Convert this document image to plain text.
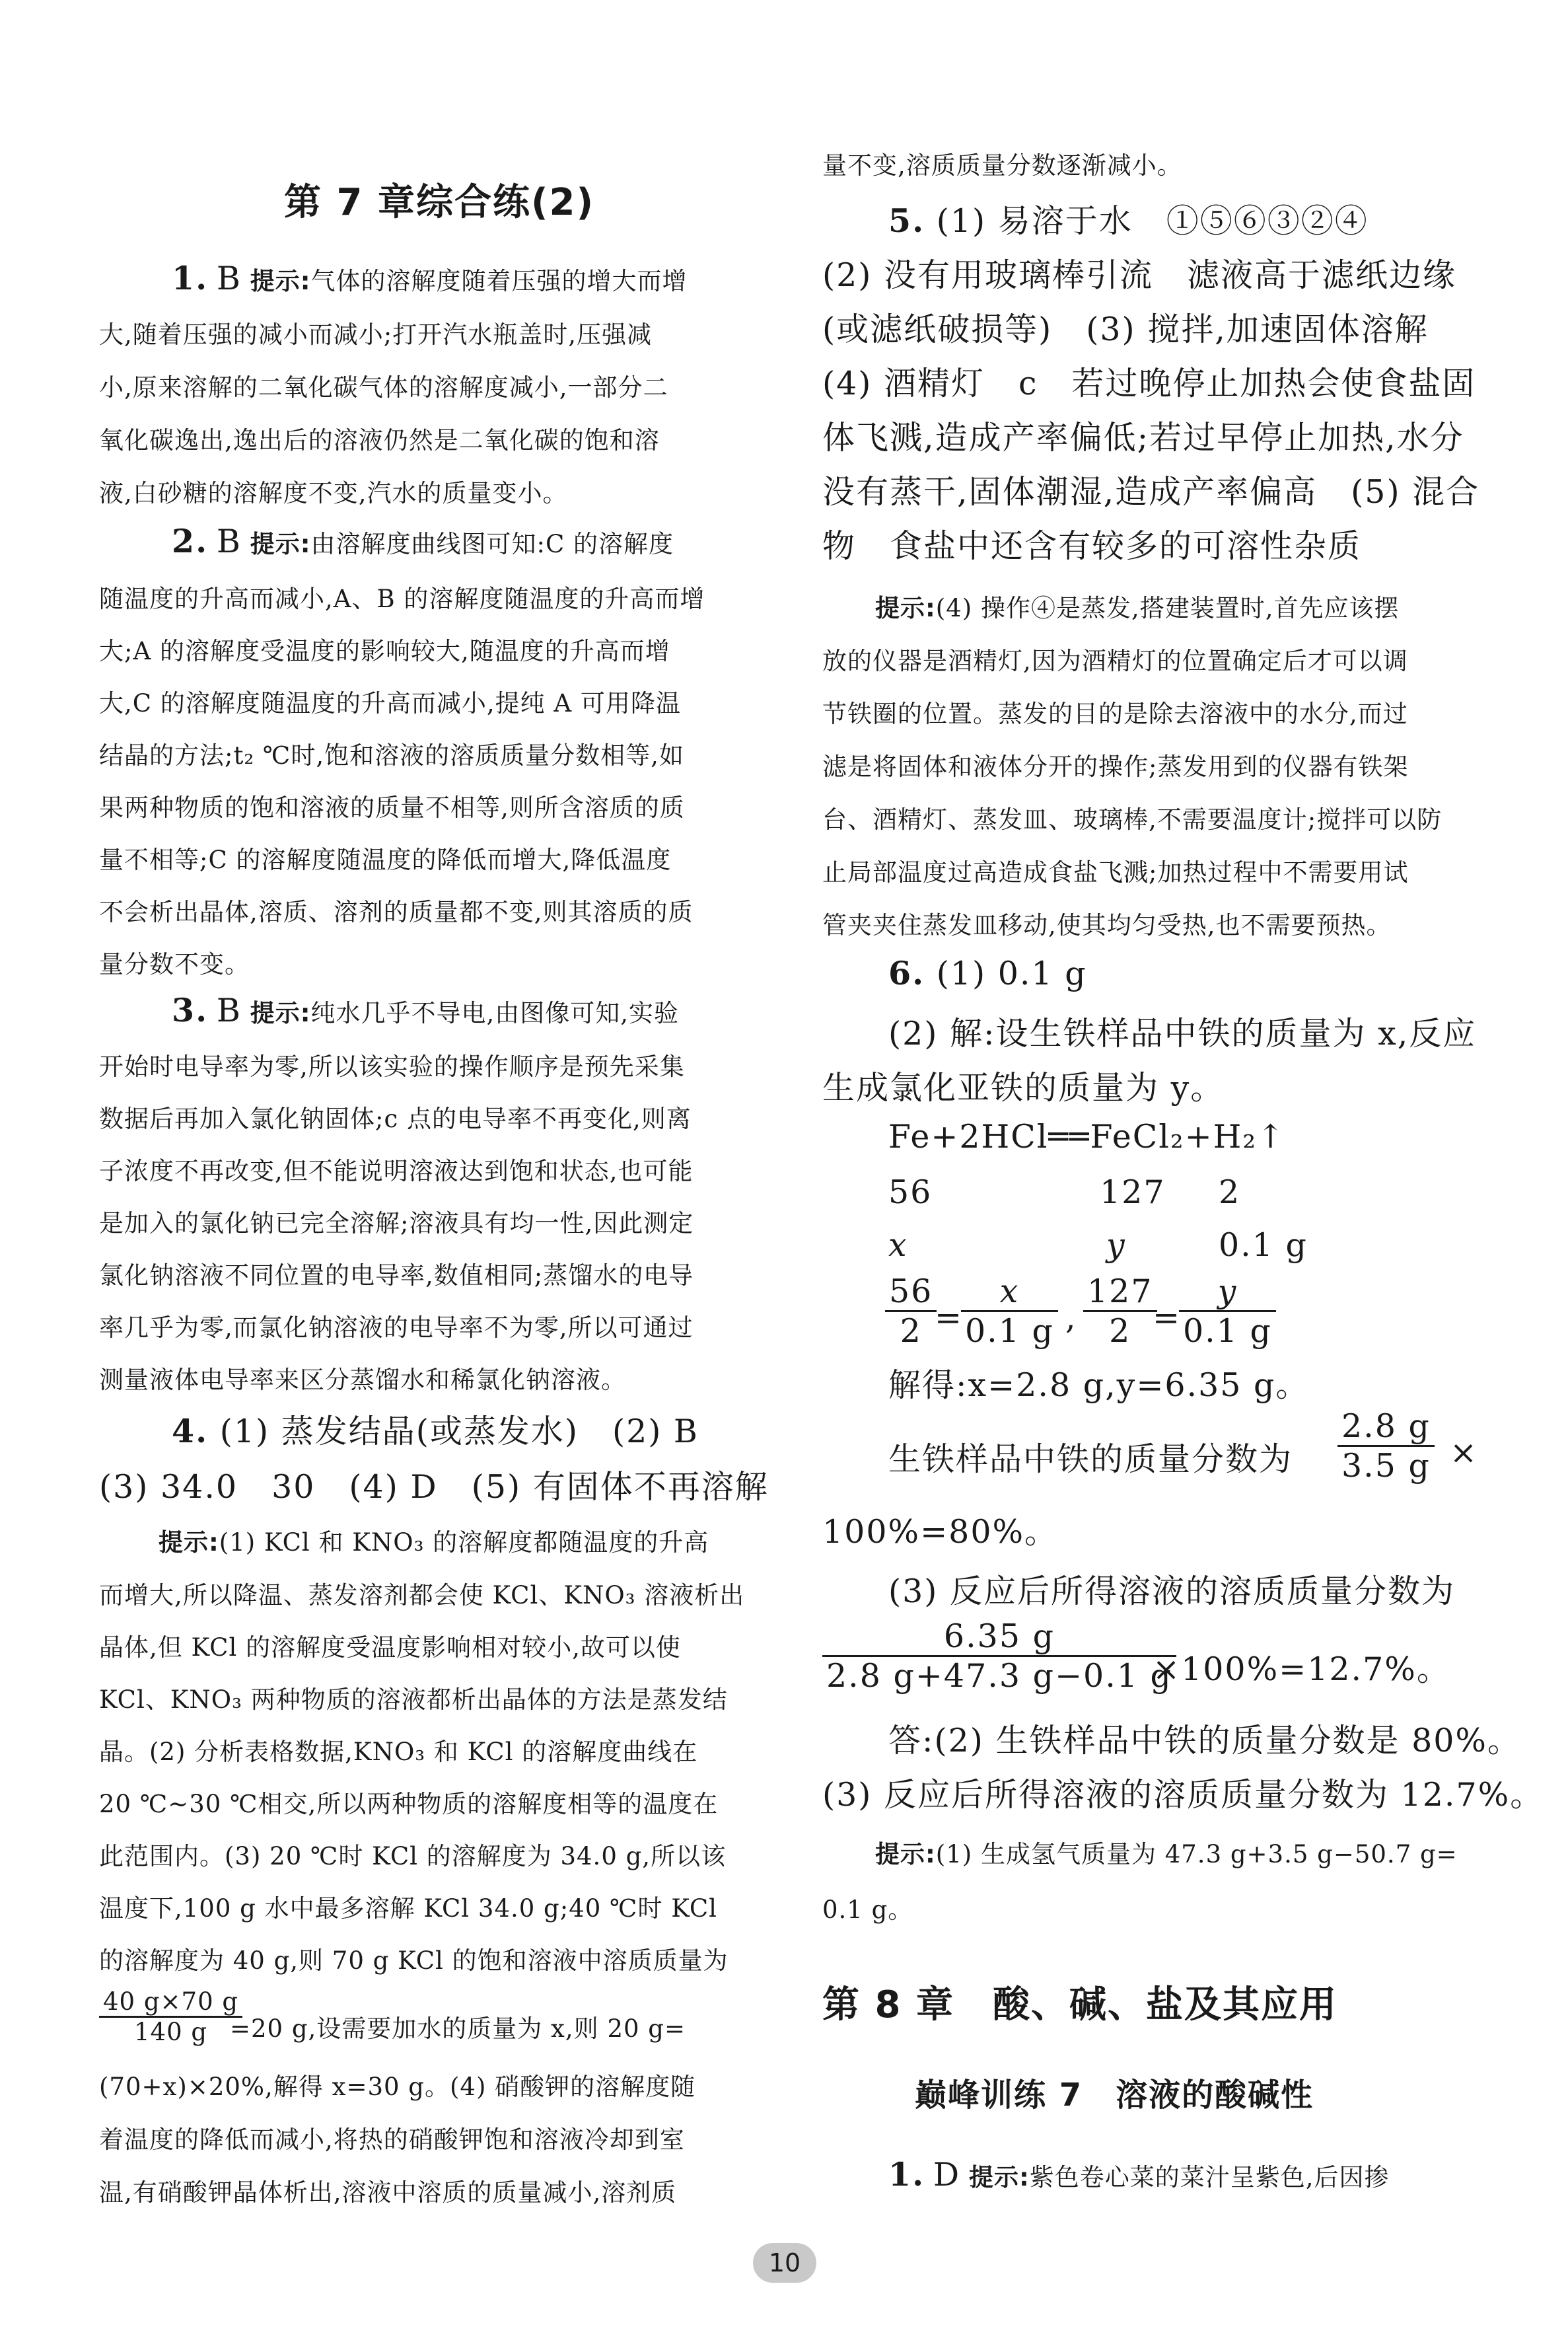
第 7 章综合练(2)
1. B 提示:气体的溶解度随着压强的增大而增
大,随着压强的减小而减小;打开汽水瓶盖时,压强减
小,原来溶解的二氧化碳气体的溶解度减小,一部分二
氧化碳逸出,逸出后的溶液仍然是二氧化碳的饱和溶
液,白砂糖的溶解度不变,汽水的质量变小。
2. B 提示:由溶解度曲线图可知:C 的溶解度
随温度的升高而减小,A、B 的溶解度随温度的升高而增
大;A 的溶解度受温度的影响较大,随温度的升高而增
大,C 的溶解度随温度的升高而减小,提纯 A 可用降温
结晶的方法;t₂ ℃时,饱和溶液的溶质质量分数相等,如
果两种物质的饱和溶液的质量不相等,则所含溶质的质
量不相等;C 的溶解度随温度的降低而增大,降低温度
不会析出晶体,溶质、溶剂的质量都不变,则其溶质的质
量分数不变。
3. B 提示:纯水几乎不导电,由图像可知,实验
开始时电导率为零,所以该实验的操作顺序是预先采集
数据后再加入氯化钠固体;c 点的电导率不再变化,则离
子浓度不再改变,但不能说明溶液达到饱和状态,也可能
是加入的氯化钠已完全溶解;溶液具有均一性,因此测定
氯化钠溶液不同位置的电导率,数值相同;蒸馏水的电导
率几乎为零,而氯化钠溶液的电导率不为零,所以可通过
测量液体电导率来区分蒸馏水和稀氯化钠溶液。
4. (1) 蒸发结晶(或蒸发水)　(2) B
(3) 34.0　30　(4) D　(5) 有固体不再溶解
提示:(1) KCl 和 KNO₃ 的溶解度都随温度的升高
而增大,所以降温、蒸发溶剂都会使 KCl、KNO₃ 溶液析出
晶体,但 KCl 的溶解度受温度影响相对较小,故可以使
KCl、KNO₃ 两种物质的溶液都析出晶体的方法是蒸发结
晶。(2) 分析表格数据,KNO₃ 和 KCl 的溶解度曲线在
20 ℃~30 ℃相交,所以两种物质的溶解度相等的温度在
此范围内。(3) 20 ℃时 KCl 的溶解度为 34.0 g,所以该
温度下,100 g 水中最多溶解 KCl 34.0 g;40 ℃时 KCl
的溶解度为 40 g,则 70 g KCl 的饱和溶液中溶质质量为
$\frac{40 g\times 70 g}{140 g}$
=20 g,设需要加水的质量为 x,则 20 g=
(70+x)×20%,解得 x=30 g。(4) 硝酸钾的溶解度随
着温度的降低而减小,将热的硝酸钾饱和溶液冷却到室
温,有硝酸钾晶体析出,溶液中溶质的质量减小,溶剂质
量不变,溶质质量分数逐渐减小。
5. (1) 易溶于水　①⑤⑥③②④
(2) 没有用玻璃棒引流　滤液高于滤纸边缘
(或滤纸破损等)　(3) 搅拌,加速固体溶解
(4) 酒精灯　c　若过晚停止加热会使食盐固
体飞溅,造成产率偏低;若过早停止加热,水分
没有蒸干,固体潮湿,造成产率偏高　(5) 混合
物　食盐中还含有较多的可溶性杂质
提示:(4) 操作④是蒸发,搭建装置时,首先应该摆
放的仪器是酒精灯,因为酒精灯的位置确定后才可以调
节铁圈的位置。蒸发的目的是除去溶液中的水分,而过
滤是将固体和液体分开的操作;蒸发用到的仪器有铁架
台、酒精灯、蒸发皿、玻璃棒,不需要温度计;搅拌可以防
止局部温度过高造成食盐飞溅;加热过程中不需要用试
管夹夹住蒸发皿移动,使其均匀受热,也不需要预热。
6. (1) 0.1 g
(2) 解:设生铁样品中铁的质量为 x,反应
生成氯化亚铁的质量为 y。
Fe+2HCl══FeCl₂+H₂↑
56	127 2
x	y	0.1 g
$\frac{56}{2}$
=
$\frac{x}{0.1 g}$ , $\frac{127}{2}$
=
$\frac{y}{0.1 g}$
解得:x=2.8 g,y=6.35 g。
生铁样品中铁的质量分数为 $\frac{2.8 g}{3.5 g}$ ×
100%=80%。
(3) 反应后所得溶液的溶质质量分数为
$\frac{6.35 g}{2.8 g+47.3 g-0.1 g}$
×100%=12.7%。
答:(2) 生铁样品中铁的质量分数是 80%。
(3) 反应后所得溶液的溶质质量分数为 12.7%。
提示:(1) 生成氢气质量为 47.3 g+3.5 g−50.7 g=
0.1 g。
第 8 章　酸、碱、盐及其应用
巅峰训练 7　溶液的酸碱性
1. D 提示:紫色卷心菜的菜汁呈紫色,后因掺
10
